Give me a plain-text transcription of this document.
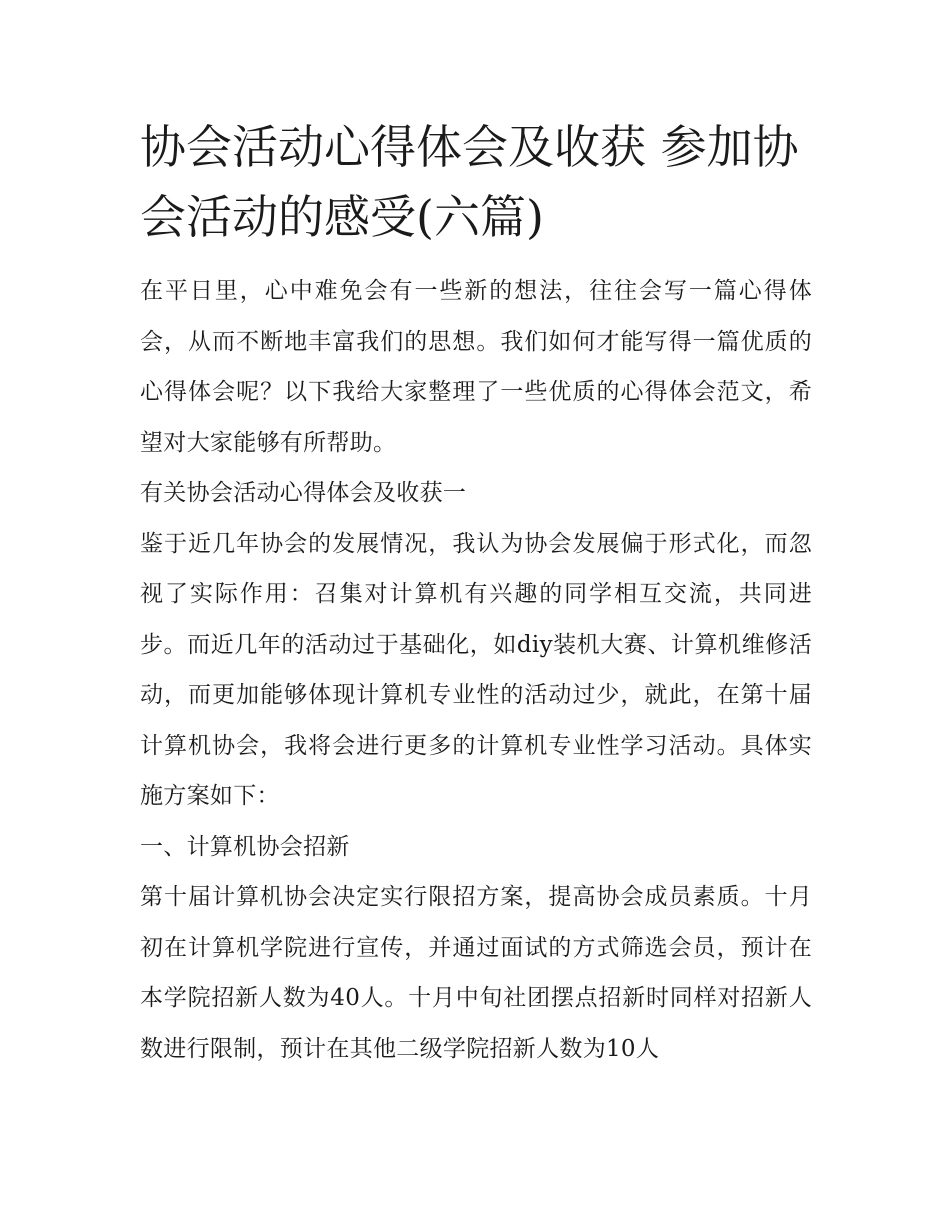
协会活动心得体会及收获 参加协会活动的感受(六篇)

在平日里，心中难免会有一些新的想法，往往会写一篇心得体会，从而不断地丰富我们的思想。我们如何才能写得一篇优质的心得体会呢？以下我给大家整理了一些优质的心得体会范文，希望对大家能够有所帮助。

有关协会活动心得体会及收获一

鉴于近几年协会的发展情况，我认为协会发展偏于形式化，而忽视了实际作用：召集对计算机有兴趣的同学相互交流，共同进步。而近几年的活动过于基础化，如diy装机大赛、计算机维修活动，而更加能够体现计算机专业性的活动过少，就此，在第十届计算机协会，我将会进行更多的计算机专业性学习活动。具体实施方案如下：

一、计算机协会招新

第十届计算机协会决定实行限招方案，提高协会成员素质。十月初在计算机学院进行宣传，并通过面试的方式筛选会员，预计在本学院招新人数为40人。十月中旬社团摆点招新时同样对招新人数进行限制，预计在其他二级学院招新人数为10人
